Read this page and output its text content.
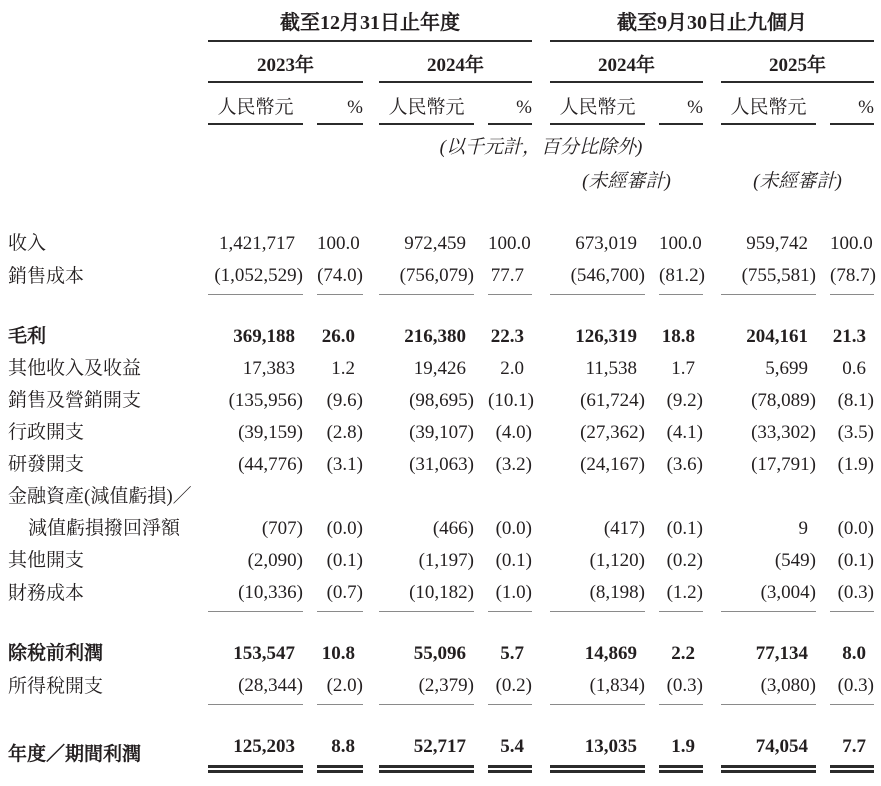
截至12月31日止年度	截至9月30日止九個月
2023年	2024年	2024年	2025年
人民幣元	%	人民幣元	%	人民幣元	%	人民幣元	%
(以千元計，百分比除外)
(未經審計)	(未經審計)
收入	1,421,717	100.0	972,459	100.0	673,019	100.0	959,742	100.0
銷售成本	(1,052,529) (74.0)	(756,079) 77.7	(546,700) (81.2)	(755,581) (78.7)
毛利	369,188	26.0	216,380	22.3	126,319	18.8	204,161	21.3
其他收入及收益	17,383	1.2	19,426	2.0	11,538	1.7	5,699	0.6
銷售及營銷開支	(135,956)	(9.6)	(98,695) (10.1)	(61,724)	(9.2)	(78,089)	(8.1)
行政開支	(39,159)	(2.8)	(39,107)	(4.0)	(27,362)	(4.1)	(33,302)	(3.5)
研發開支	(44,776)	(3.1)	(31,063)	(3.2)	(24,167)	(3.6)	(17,791)	(1.9)
金融資產(減值虧損)／
減值虧損撥回淨額	(707)	(0.0)	(466)	(0.0)	(417)	(0.1)	9	(0.0)
其他開支	(2,090)	(0.1)	(1,197)	(0.1)	(1,120)	(0.2)	(549)	(0.1)
財務成本	(10,336)	(0.7)	(10,182)	(1.0)	(8,198)	(1.2)	(3,004)	(0.3)
除稅前利潤	153,547	10.8	55,096	5.7	14,869	2.2	77,134	8.0
所得稅開支	(28,344)	(2.0)	(2,379)	(0.2)	(1,834)	(0.3)	(3,080)	(0.3)
年度／期間利潤	125,203	8.8	52,717	5.4	13,035	1.9	74,054	7.7
